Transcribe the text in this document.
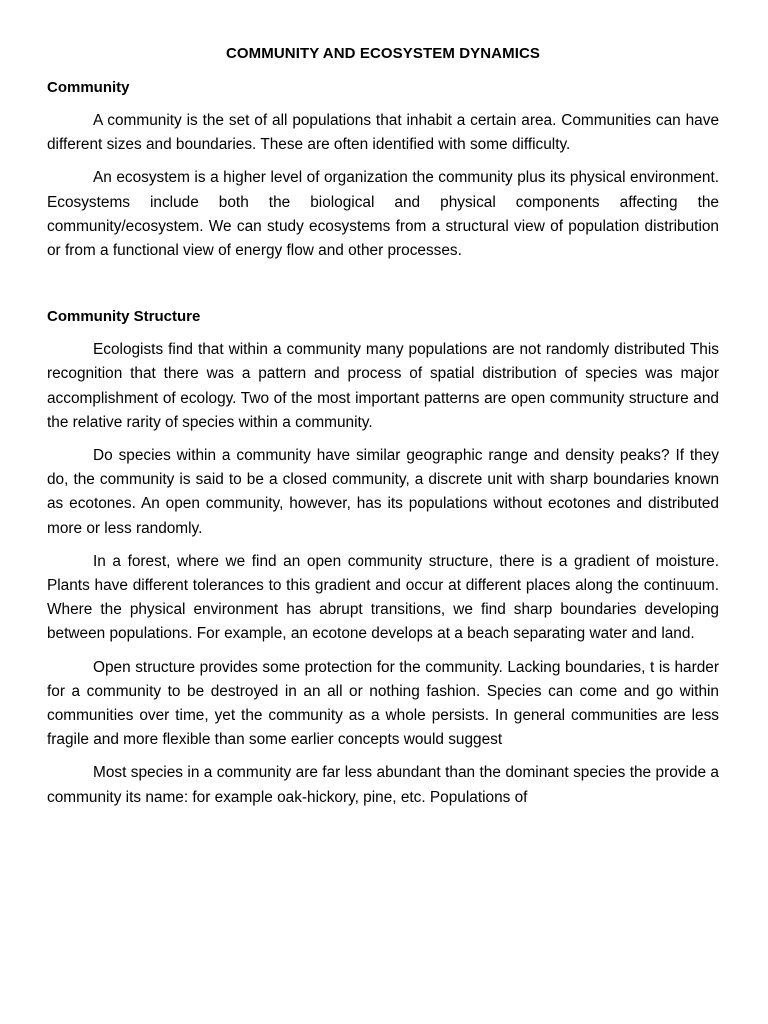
COMMUNITY AND ECOSYSTEM DYNAMICS
Community

A community is the set of all populations that inhabit a certain area. Communities can have different sizes and boundaries. These are often identified with some difficulty.

An ecosystem is a higher level of organization the community plus its physical environment. Ecosystems include both the biological and physical components affecting the community/ecosystem. We can study ecosystems from a structural view of population distribution or from a functional view of energy flow and other processes.

Community Structure

Ecologists find that within a community many populations are not randomly distributed This recognition that there was a pattern and process of spatial distribution of species was major accomplishment of ecology. Two of the most important patterns are open community structure and the relative rarity of species within a community.

Do species within a community have similar geographic range and density peaks? If they do, the community is said to be a closed community, a discrete unit with sharp boundaries known as ecotones. An open community, however, has its populations without ecotones and distributed more or less randomly.

In a forest, where we find an open community structure, there is a gradient of moisture. Plants have different tolerances to this gradient and occur at different places along the continuum. Where the physical environment has abrupt transitions, we find sharp boundaries developing between populations. For example, an ecotone develops at a beach separating water and land.

Open structure provides some protection for the community. Lacking boundaries, t is harder for a community to be destroyed in an all or nothing fashion. Species can come and go within communities over time, yet the community as a whole persists. In general communities are less fragile and more flexible than some earlier concepts would suggest

Most species in a community are far less abundant than the dominant species the provide a community its name: for example oak-hickory, pine, etc. Populations of
